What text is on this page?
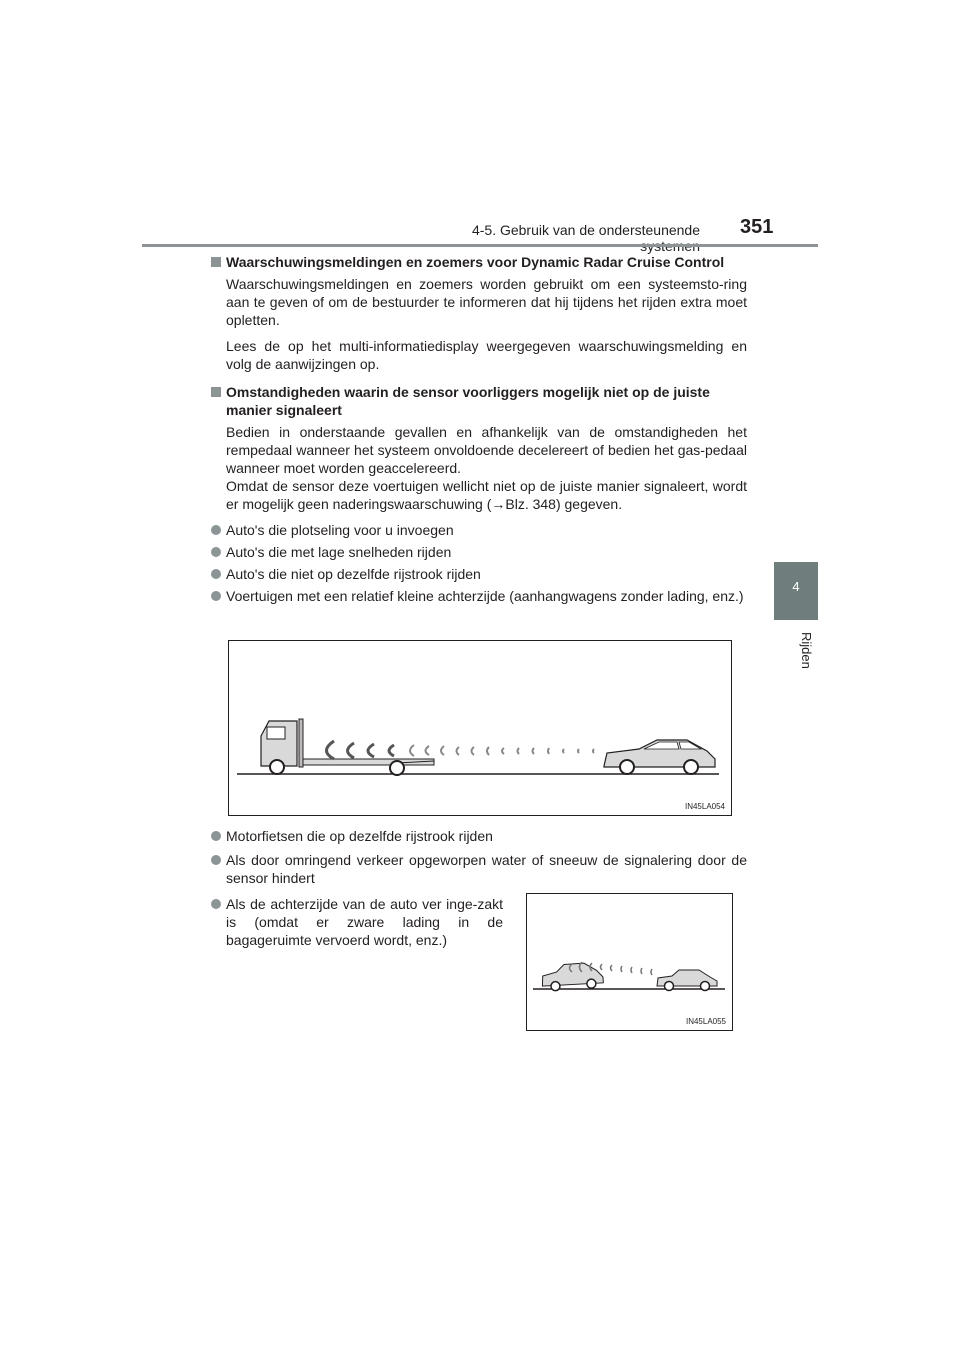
4-5. Gebruik van de ondersteunende 351
4
Rijden
Waarschuwingsmeldingen en zoemers voor Dynamic Radar Cruise Control
Waarschuwingsmeldingen en zoemers worden gebruikt om een systeemsto-ring aan te geven of om de bestuurder te informeren dat hij tijdens het rijden extra moet opletten.
Lees de op het multi-informatiedisplay weergegeven waarschuwingsmelding en volg de aanwijzingen op.
Omstandigheden waarin de sensor voorliggers mogelijk niet op de juiste manier signaleert
Bedien in onderstaande gevallen en afhankelijk van de omstandigheden het rempedaal wanneer het systeem onvoldoende decelereert of bedien het gas-pedaal wanneer moet worden geaccelereerd.
Omdat de sensor deze voertuigen wellicht niet op de juiste manier signaleert, wordt er mogelijk geen naderingswaarschuwing (→Blz. 348) gegeven.
Auto's die plotseling voor u invoegen
Auto's die met lage snelheden rijden
Auto's die niet op dezelfde rijstrook rijden
Voertuigen met een relatief kleine achterzijde (aanhangwagens zonder lading, enz.)
IN45LA054
Motorfietsen die op dezelfde rijstrook rijden
Als door omringend verkeer opgeworpen water of sneeuw de signalering door de sensor hindert
Als de achterzijde van de auto ver inge-zakt is (omdat er zware lading in de bagageruimte vervoerd wordt, enz.)
IN45LA055
